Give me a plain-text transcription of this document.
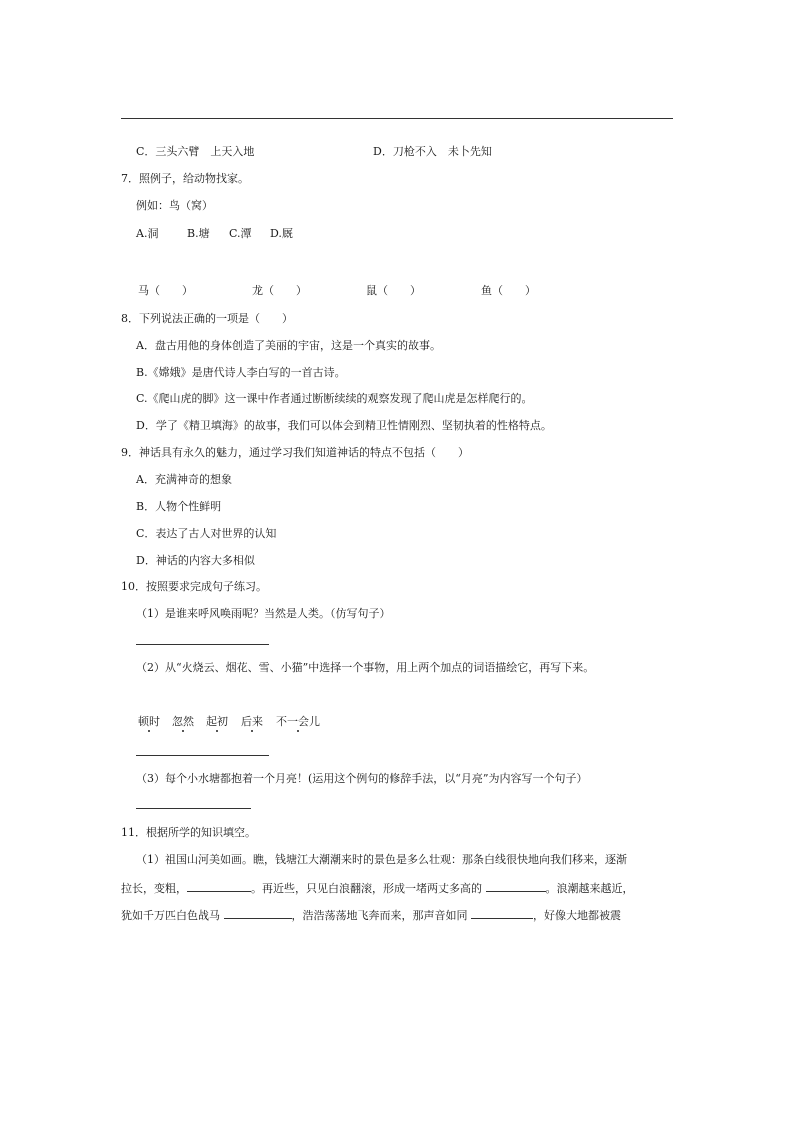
C．三头六臂　上天入地	D．刀枪不入　未卜先知
7．照例子，给动物找家。
例如：鸟（窝）
A.洞	B.塘 C.潭 D.厩
马（　　）	龙（　　）	鼠（　　）	鱼（　　）
8．下列说法正确的一项是（　　）
A．盘古用他的身体创造了美丽的宇宙，这是一个真实的故事。
B.《嫦娥》是唐代诗人李白写的一首古诗。
C.《爬山虎的脚》这一课中作者通过断断续续的观察发现了爬山虎是怎样爬行的。
D．学了《精卫填海》的故事，我们可以体会到精卫性情刚烈、坚韧执着的性格特点。
9．神话具有永久的魅力，通过学习我们知道神话的特点不包括（　　）
A．充满神奇的想象
B．人物个性鲜明
C．表达了古人对世界的认知
D．神话的内容大多相似
10．按照要求完成句子练习。
（1）是谁来呼风唤雨呢？当然是人类。（仿写句子）
（2）从“火烧云、烟花、雪、小猫”中选择一个事物，用上两个加点的词语描绘它，再写下来。
顿时 忽然 起初 后来 不一会儿
（3）每个小水塘都抱着一个月亮！(运用这个例句的修辞手法，以“月亮”为内容写一个句子）
11．根据所学的知识填空。
（1）祖国山河美如画。瞧，钱塘江大潮潮来时的景色是多么壮观：那条白线很快地向我们移来，逐渐
拉长，变粗，	。再近些，只见白浪翻滚，形成一堵两丈多高的	。浪潮越来越近，
犹如千万匹白色战马	，浩浩荡荡地飞奔而来，那声音如同	，好像大地都被震
